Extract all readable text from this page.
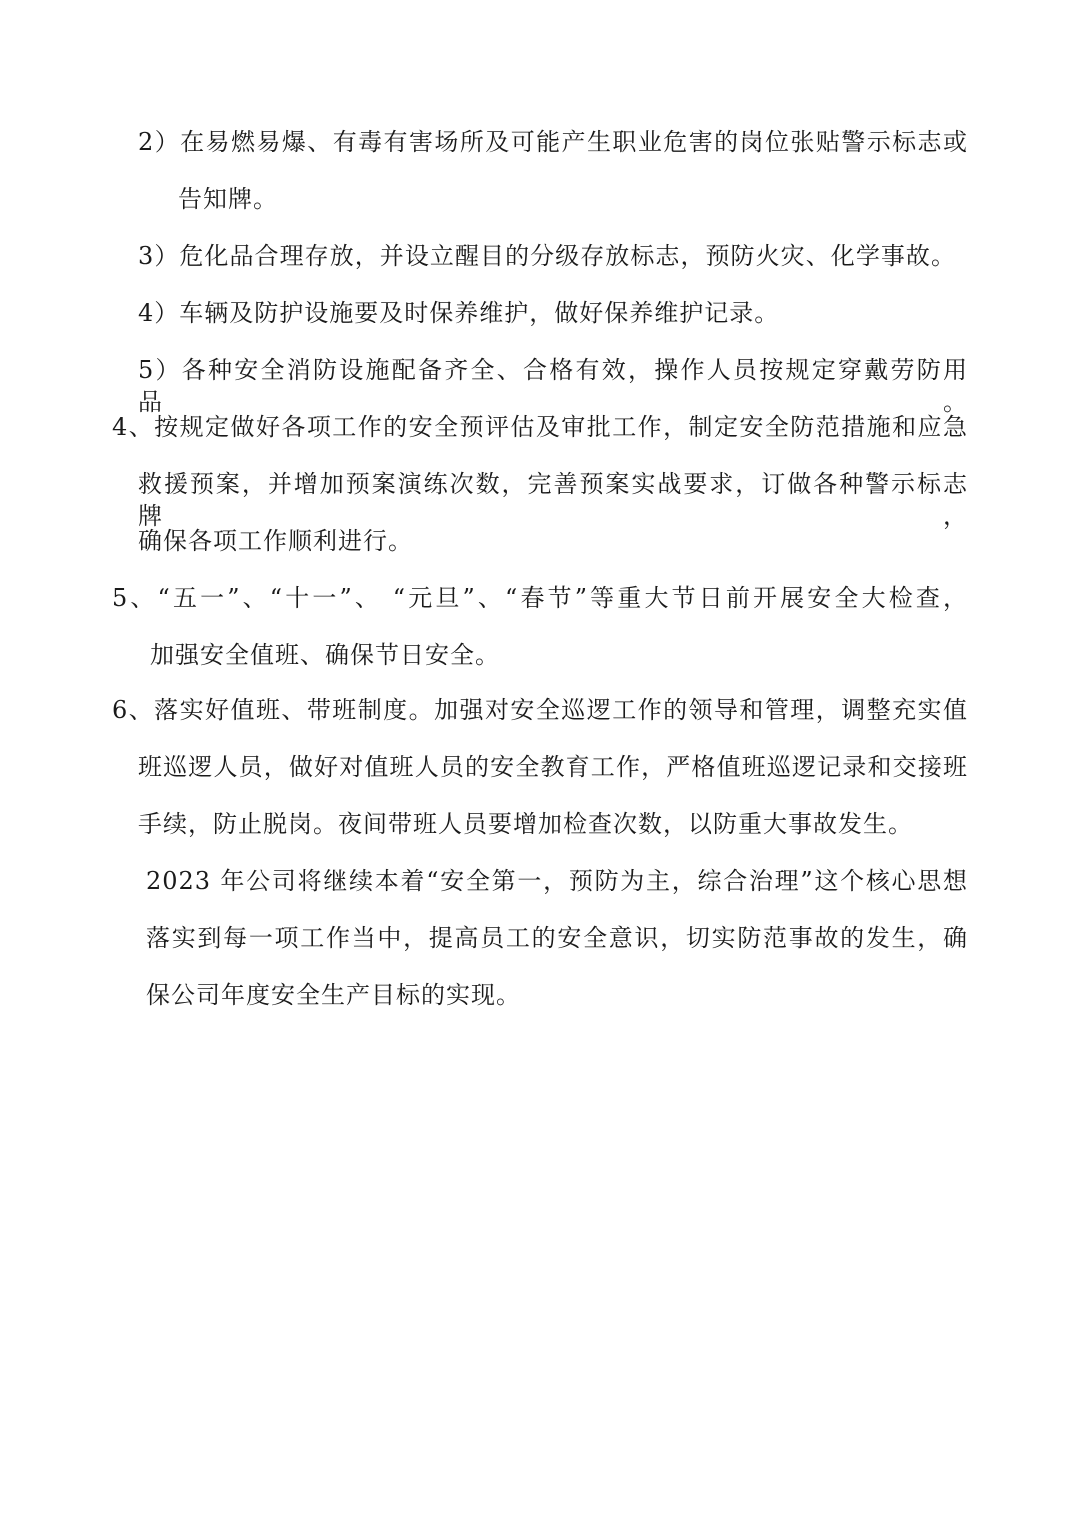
2）在易燃易爆、有毒有害场所及可能产生职业危害的岗位张贴警示标志或
告知牌。
3）危化品合理存放，并设立醒目的分级存放标志，预防火灾、化学事故。
4）车辆及防护设施要及时保养维护，做好保养维护记录。
5）各种安全消防设施配备齐全、合格有效，操作人员按规定穿戴劳防用品。
4、按规定做好各项工作的安全预评估及审批工作，制定安全防范措施和应急
救援预案，并增加预案演练次数，完善预案实战要求，订做各种警示标志牌，
确保各项工作顺利进行。
5、“五一”、“十一”、 “元旦”、“春节”等重大节日前开展安全大检查，
加强安全值班、确保节日安全。
6、落实好值班、带班制度。加强对安全巡逻工作的领导和管理，调整充实值
班巡逻人员，做好对值班人员的安全教育工作，严格值班巡逻记录和交接班
手续，防止脱岗。夜间带班人员要增加检查次数，以防重大事故发生。
2023 年公司将继续本着“安全第一，预防为主，综合治理”这个核心思想
落实到每一项工作当中，提高员工的安全意识，切实防范事故的发生，确
保公司年度安全生产目标的实现。
